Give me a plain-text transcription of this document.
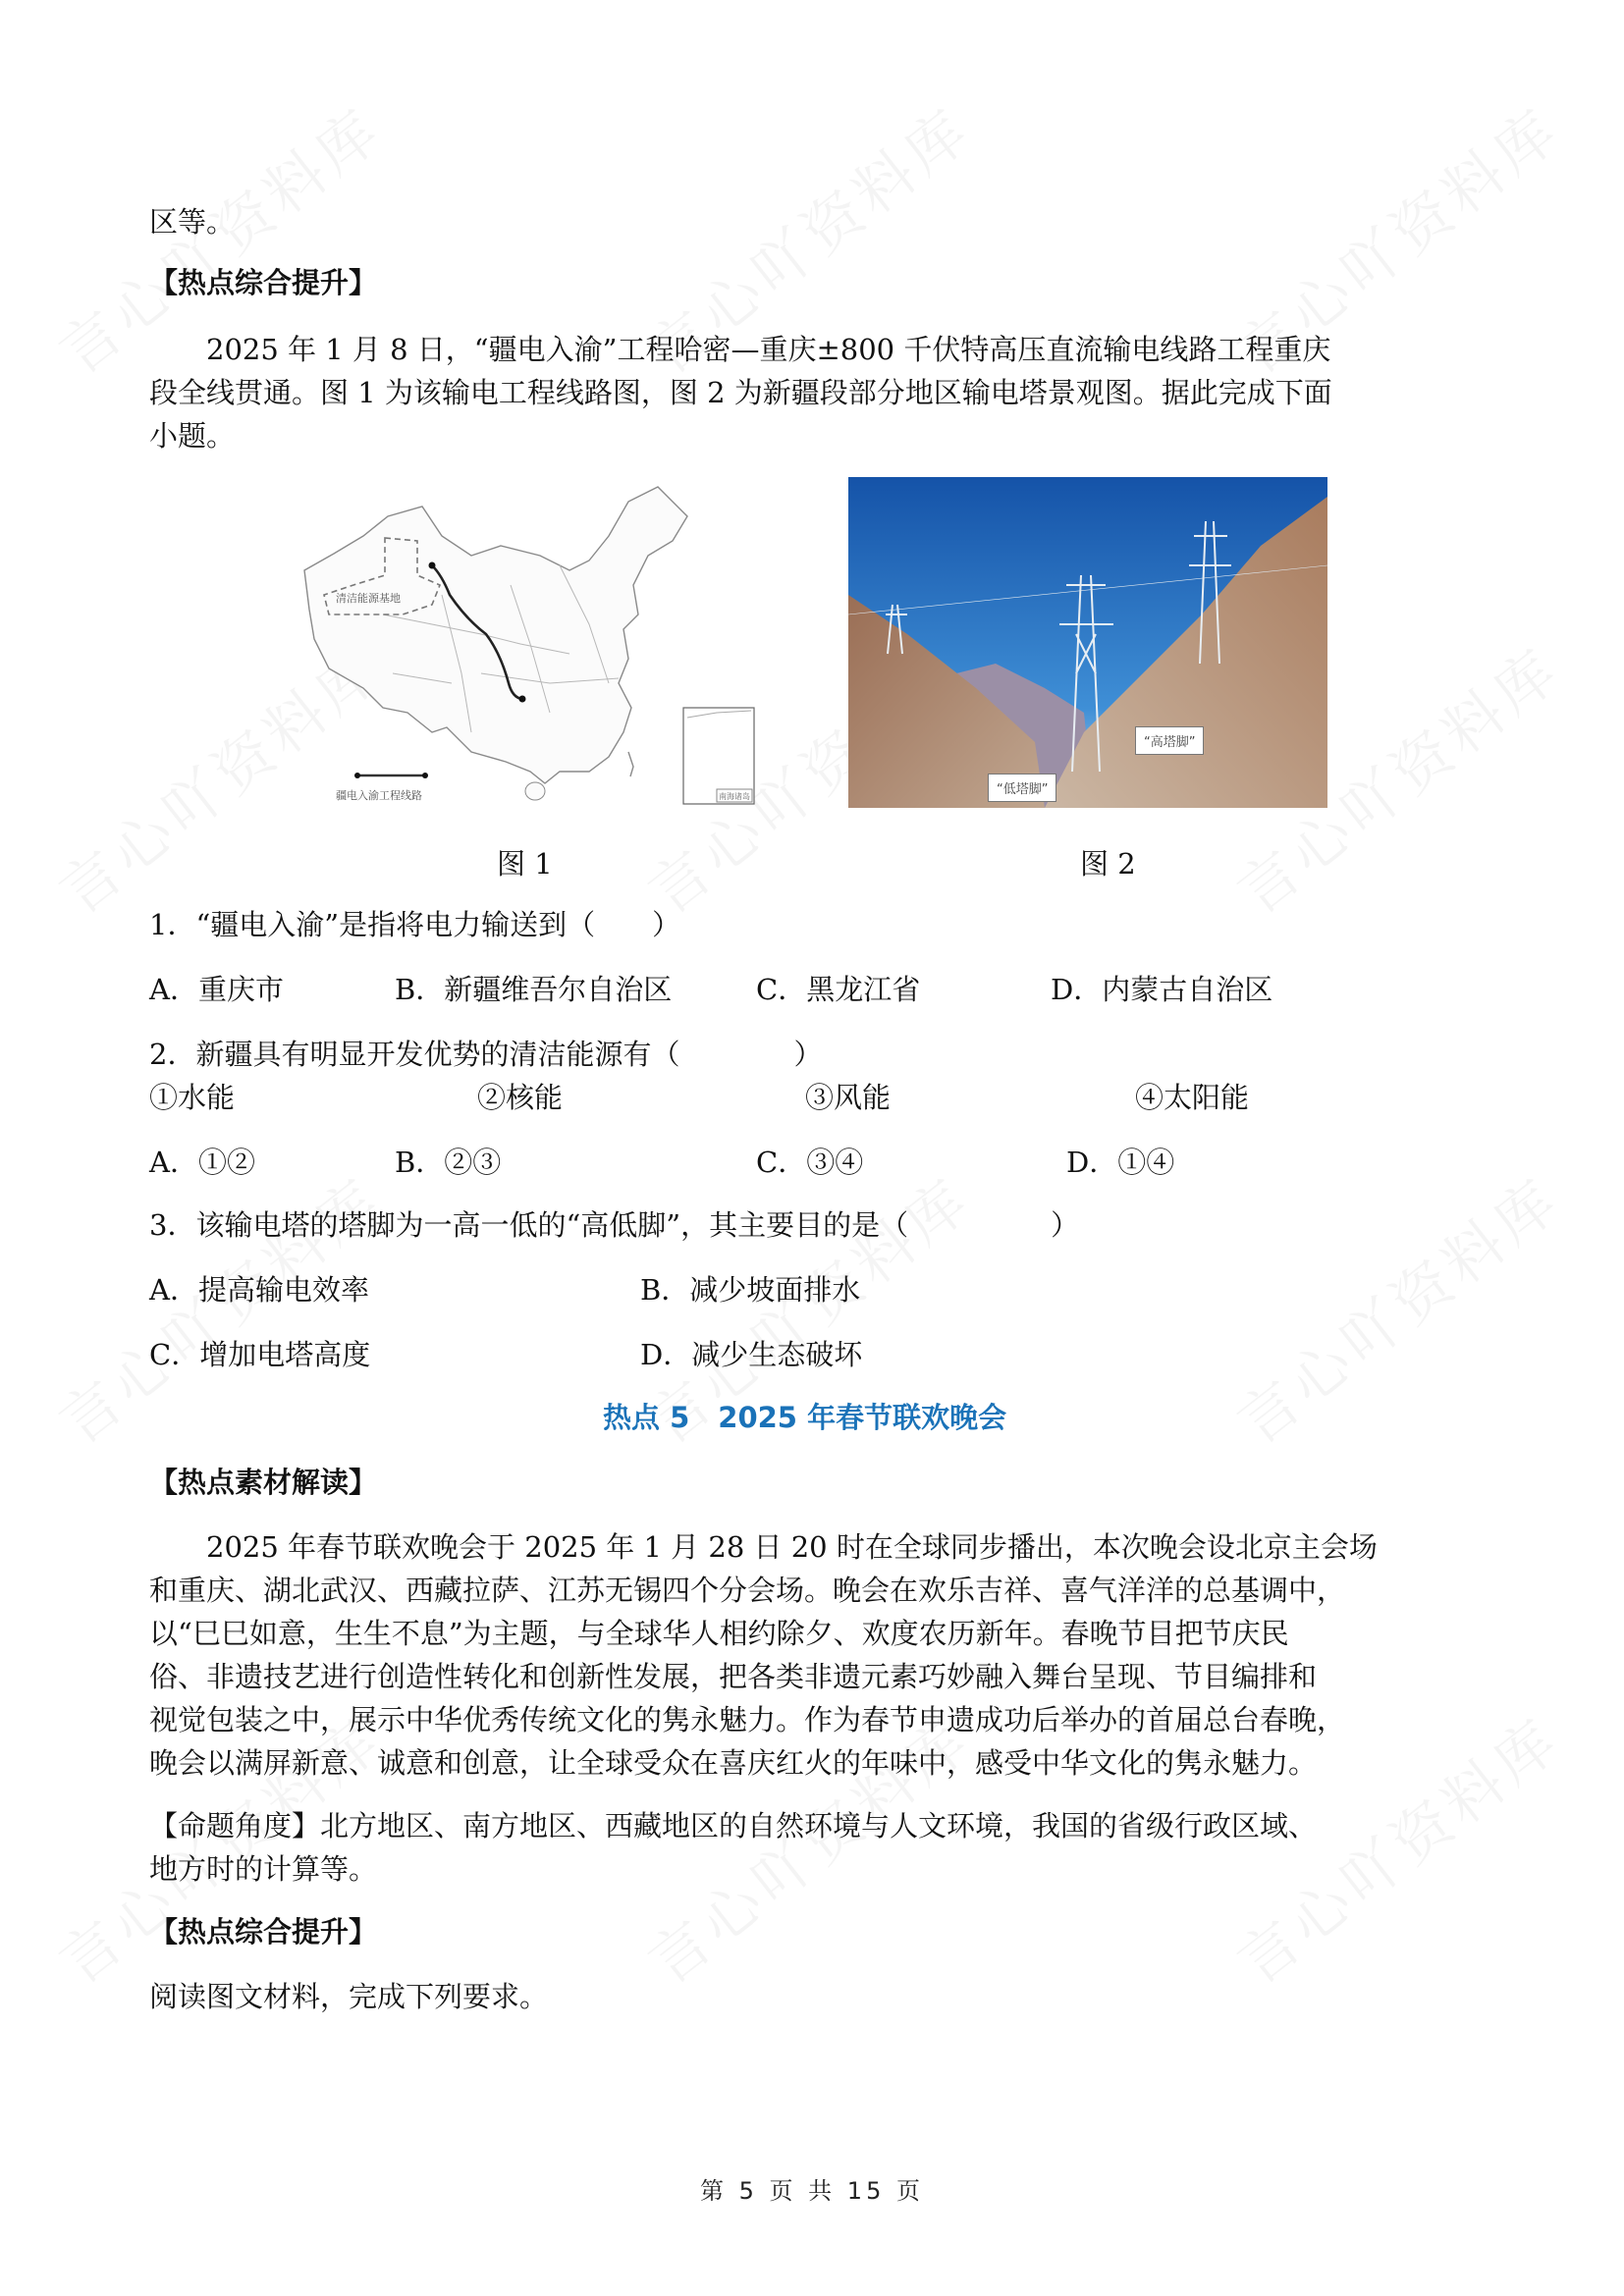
区等。
【热点综合提升】
2025 年 1 月 8 日，“疆电入渝”工程哈密—重庆±800 千伏特高压直流输电线路工程重庆
段全线贯通。图 1 为该输电工程线路图，图 2 为新疆段部分地区输电塔景观图。据此完成下面
小题。
清洁能源基地
疆电入渝工程线路	南海诸岛
“高塔脚”
“低塔脚”
图 1	图 2
1．“疆电入渝”是指将电力输送到（　　）
A．重庆市	B．新疆维吾尔自治区	C．黑龙江省	D．内蒙古自治区
2．新疆具有明显开发优势的清洁能源有（　　　　）
①水能	②核能	③风能	④太阳能
A．①②	B．②③	C．③④	D．①④
3．该输电塔的塔脚为一高一低的“高低脚”，其主要目的是（　　　　　）
A．提高输电效率	B．减少坡面排水
C．增加电塔高度	D．减少生态破坏
热点 5　2025 年春节联欢晚会
【热点素材解读】
2025 年春节联欢晚会于 2025 年 1 月 28 日 20 时在全球同步播出，本次晚会设北京主会场
和重庆、湖北武汉、西藏拉萨、江苏无锡四个分会场。晚会在欢乐吉祥、喜气洋洋的总基调中，
以“巳巳如意，生生不息”为主题，与全球华人相约除夕、欢度农历新年。春晚节目把节庆民
俗、非遗技艺进行创造性转化和创新性发展，把各类非遗元素巧妙融入舞台呈现、节目编排和
视觉包装之中，展示中华优秀传统文化的隽永魅力。作为春节申遗成功后举办的首届总台春晚，
晚会以满屏新意、诚意和创意，让全球受众在喜庆红火的年味中，感受中华文化的隽永魅力。
【命题角度】北方地区、南方地区、西藏地区的自然环境与人文环境，我国的省级行政区域、
地方时的计算等。
【热点综合提升】
阅读图文材料，完成下列要求。
第 5 页 共 15 页
